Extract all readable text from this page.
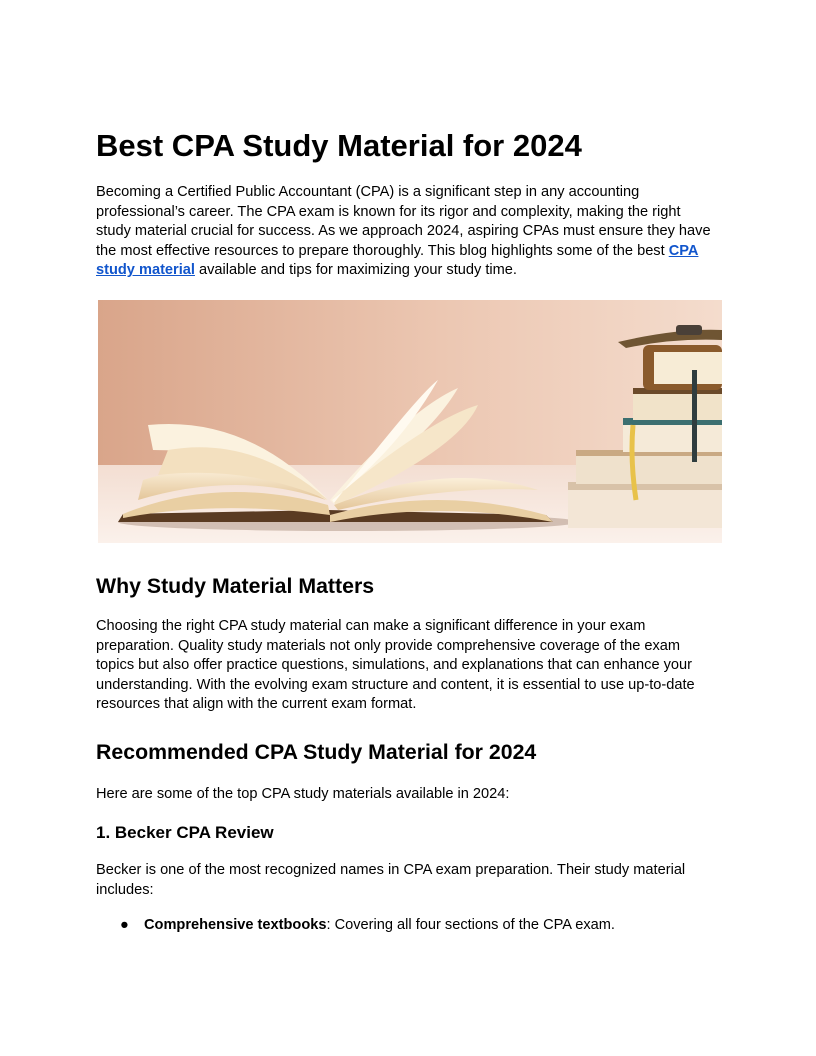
Best CPA Study Material for 2024
Becoming a Certified Public Accountant (CPA) is a significant step in any accounting
professional’s career. The CPA exam is known for its rigor and complexity, making the right
study material crucial for success. As we approach 2024, aspiring CPAs must ensure they have
the most effective resources to prepare thoroughly. This blog highlights some of the best CPA
study material available and tips for maximizing your study time.
Why Study Material Matters
Choosing the right CPA study material can make a significant difference in your exam
preparation. Quality study materials not only provide comprehensive coverage of the exam
topics but also offer practice questions, simulations, and explanations that can enhance your
understanding. With the evolving exam structure and content, it is essential to use up-to-date
resources that align with the current exam format.
Recommended CPA Study Material for 2024
Here are some of the top CPA study materials available in 2024:
1. Becker CPA Review
Becker is one of the most recognized names in CPA exam preparation. Their study material
includes:
● Comprehensive textbooks: Covering all four sections of the CPA exam.
